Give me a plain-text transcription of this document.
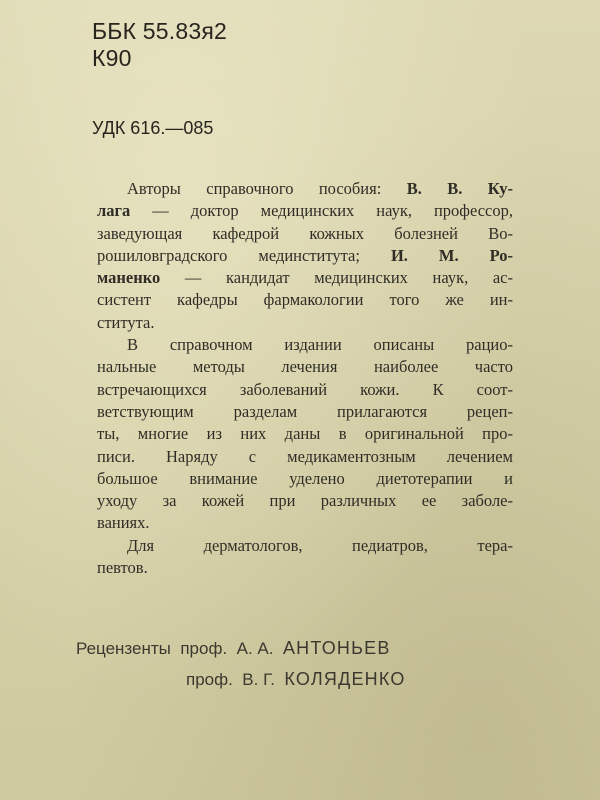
ББК 55.83я2
К90
УДК 616.—085
Авторы справочного пособия: В. В. Ку-
лага — доктор медицинских наук, профессор,
заведующая кафедрой кожных болезней Во-
рошиловградского мединститута; И. М. Ро-
маненко — кандидат медицинских наук, ас-
систент кафедры фармакологии того же ин-
ститута.
В справочном издании описаны рацио-
нальные методы лечения наиболее часто
встречающихся заболеваний кожи. К соот-
ветствующим разделам прилагаются рецеп-
ты, многие из них даны в оригинальной про-
писи. Наряду с медикаментозным лечением
большое внимание уделено диетотерапии и
уходу за кожей при различных ее заболе-
ваниях.
Для дерматологов, педиатров, тера-
певтов.
Рецензенты проф. А. А. АНТОНЬЕВ
проф. В. Г. КОЛЯДЕНКО
